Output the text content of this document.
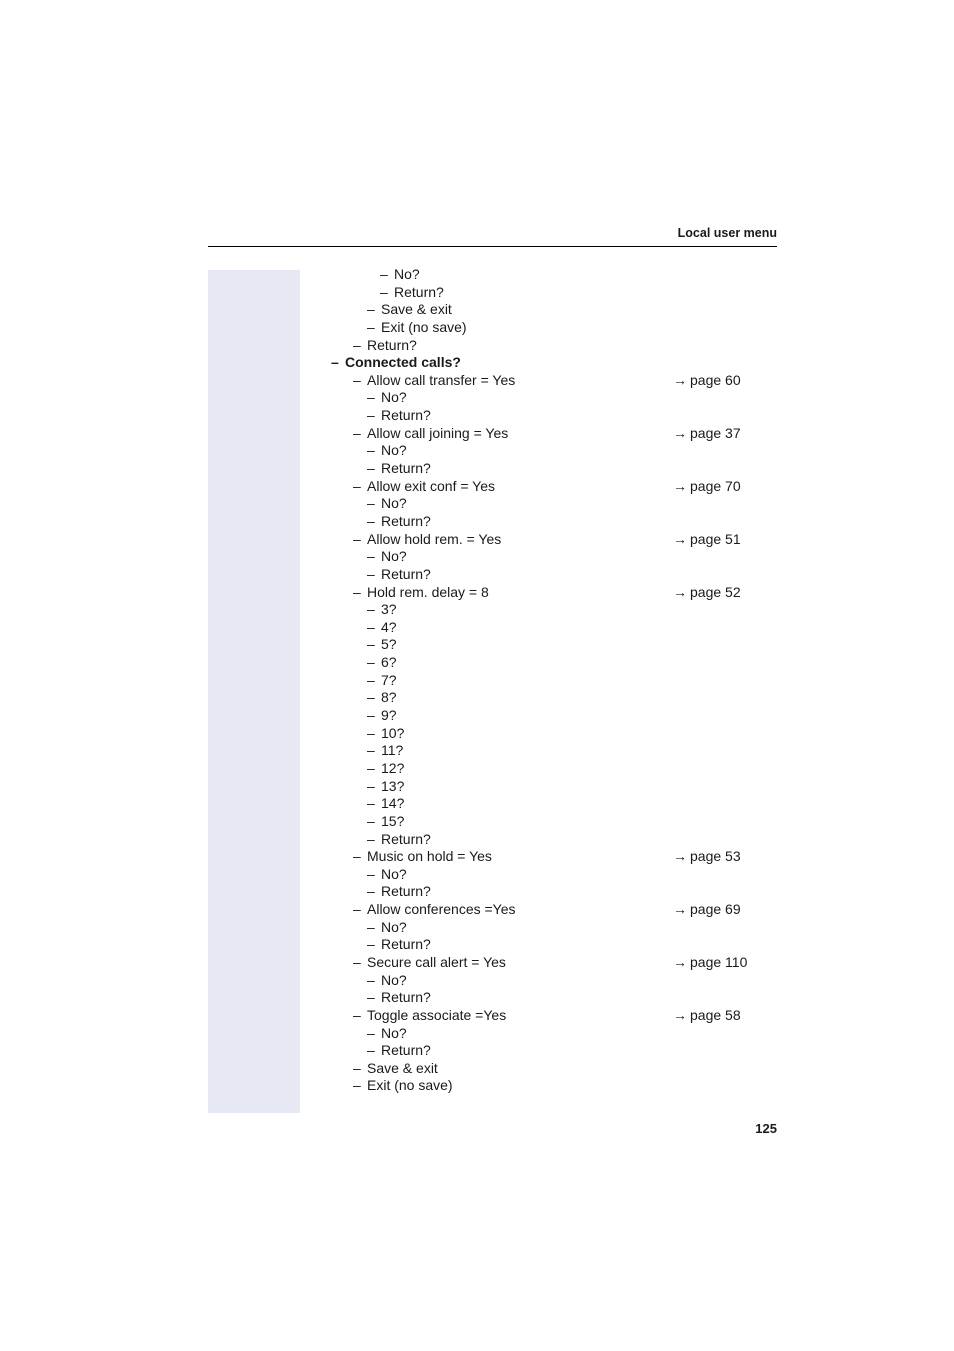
Local user menu
– No?
– Return?
– Save & exit
– Exit (no save)
– Return?
– Connected calls?
– Allow call transfer = Yes	→ page 60
– No?
– Return?
– Allow call joining = Yes	→ page 37
– No?
– Return?
– Allow exit conf = Yes	→ page 70
– No?
– Return?
– Allow hold rem. = Yes	→ page 51
– No?
– Return?
– Hold rem. delay = 8	→ page 52
– 3?
– 4?
– 5?
– 6?
– 7?
– 8?
– 9?
– 10?
– 11?
– 12?
– 13?
– 14?
– 15?
– Return?
– Music on hold = Yes	→ page 53
– No?
– Return?
– Allow conferences =Yes	→ page 69
– No?
– Return?
– Secure call alert = Yes	→ page 110
– No?
– Return?
– Toggle associate =Yes	→ page 58
– No?
– Return?
– Save & exit
– Exit (no save)
125
